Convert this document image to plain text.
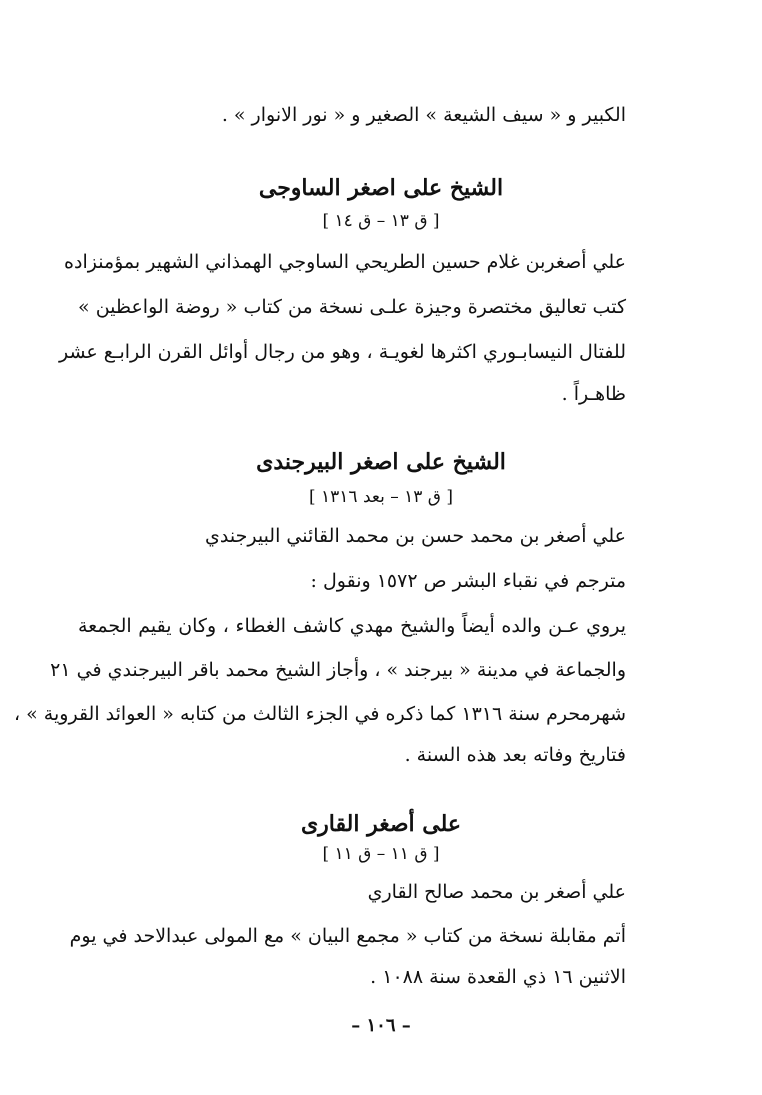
الكبير و « سيف الشيعة » الصغير و « نور الانوار » .
الشيخ على اصغر الساوجى
[ ق ١٣ – ق ١٤ ]
علي أصغربن غلام حسين الطريحي الساوجي الهمذاني الشهير بمؤمنزاده
كتب تعاليق مختصرة وجيزة علـى نسخة من كتاب « روضة الواعظين »
للفتال النيسابـوري اكثرها لغويـة ، وهو من رجال أوائل القرن الرابـع عشر
ظاهـراً .
الشيخ على اصغر البيرجندى
[ ق ١٣ – بعد ١٣١٦ ]
علي أصغر بن محمد حسن بن محمد القائني البيرجندي
مترجم في نقباء البشر ص ١٥٧٢ ونقول :
يروي عـن والده أيضاً والشيخ مهدي كاشف الغطاء ، وكان يقيم الجمعة
والجماعة في مدينة « بيرجند » ، وأجاز الشيخ محمد باقر البيرجندي في ٢١
شهرمحرم سنة ١٣١٦ كما ذكره في الجزء الثالث من كتابه « العوائد القروية » ،
فتاريخ وفاته بعد هذه السنة .
على أصغر القارى
[ ق ١١ – ق ١١ ]
علي أصغر بن محمد صالح القاري
أتم مقابلة نسخة من كتاب « مجمع البيان » مع المولى عبدالاحد في يوم
الاثنين ١٦ ذي القعدة سنة ١٠٨٨ .
– ١٠٦ –
